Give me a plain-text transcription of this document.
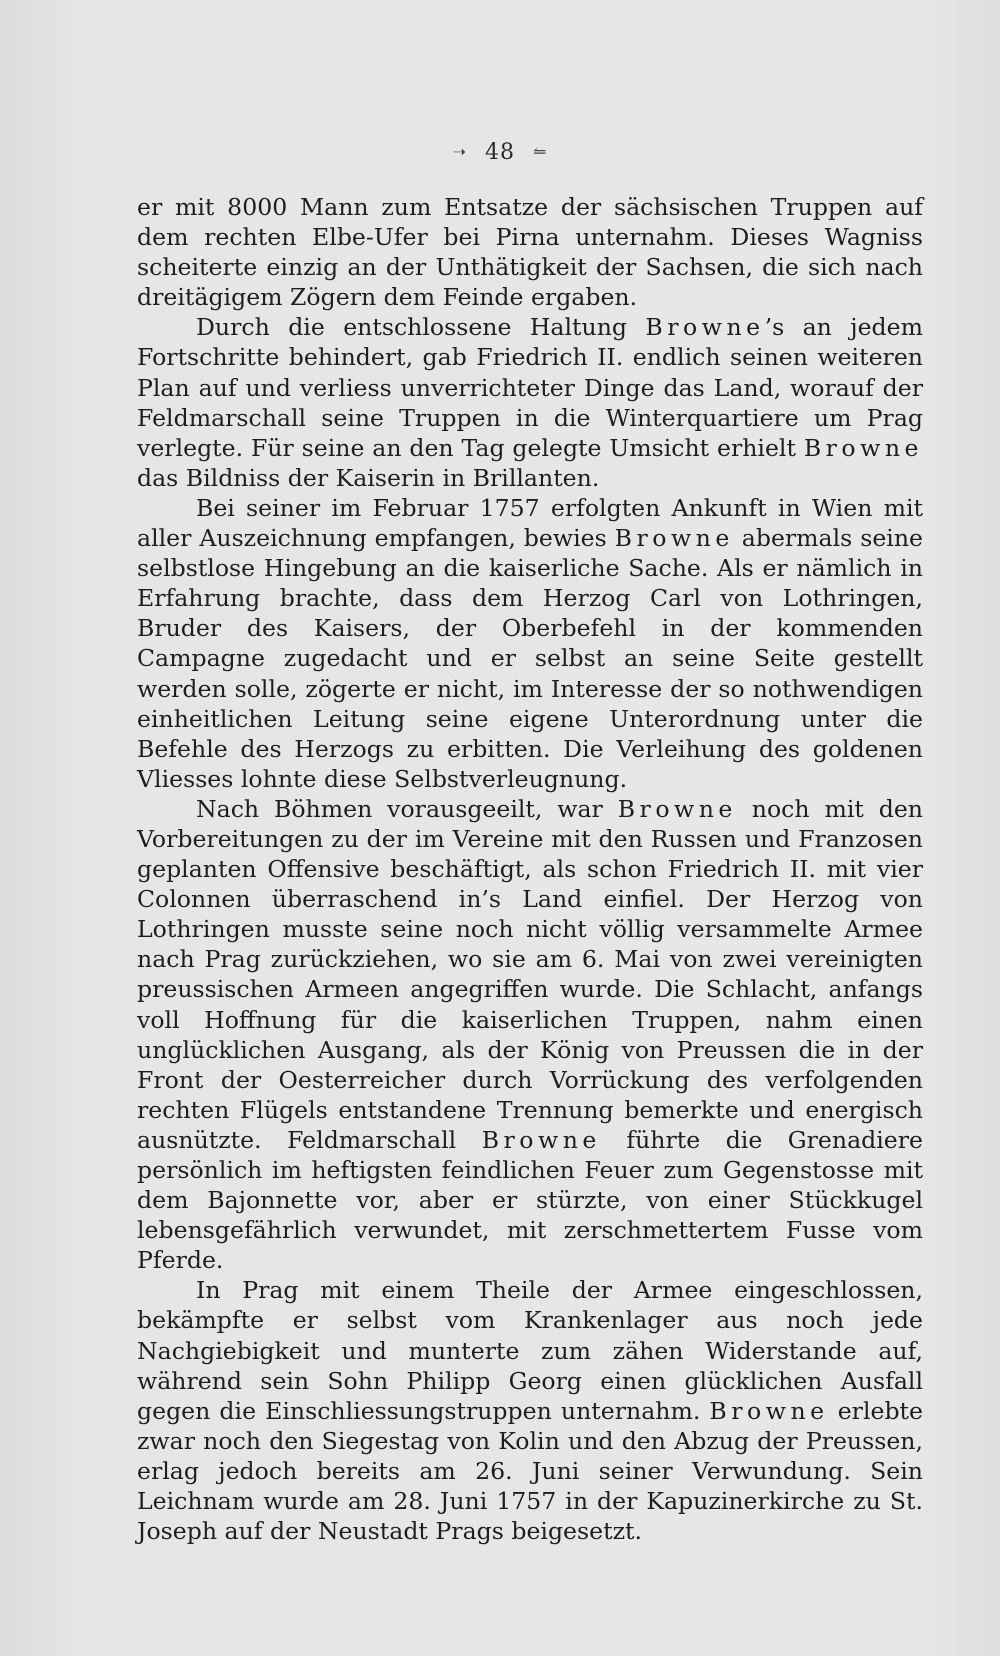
➝ 48 ⥪

er mit 8000 Mann zum Entsatze der sächsischen Truppen auf dem rechten Elbe-Ufer bei Pirna unternahm. Dieses Wagniss scheiterte einzig an der Unthätigkeit der Sachsen, die sich nach dreitägigem Zögern dem Feinde ergaben.

Durch die entschlossene Haltung Browne’s an jedem Fortschritte behindert, gab Friedrich II. endlich seinen weiteren Plan auf und verliess unverrichteter Dinge das Land, worauf der Feldmarschall seine Truppen in die Winterquartiere um Prag verlegte. Für seine an den Tag gelegte Umsicht erhielt Browne das Bildniss der Kaiserin in Brillanten.

Bei seiner im Februar 1757 erfolgten Ankunft in Wien mit aller Auszeichnung empfangen, bewies Browne abermals seine selbstlose Hingebung an die kaiserliche Sache. Als er nämlich in Erfahrung brachte, dass dem Herzog Carl von Lothringen, Bruder des Kaisers, der Oberbefehl in der kommenden Campagne zugedacht und er selbst an seine Seite gestellt werden solle, zögerte er nicht, im Interesse der so nothwendigen einheitlichen Leitung seine eigene Unterordnung unter die Befehle des Herzogs zu erbitten. Die Verleihung des goldenen Vliesses lohnte diese Selbstverleugnung.

Nach Böhmen vorausgeeilt, war Browne noch mit den Vorbereitungen zu der im Vereine mit den Russen und Franzosen geplanten Offensive beschäftigt, als schon Friedrich II. mit vier Colonnen überraschend in’s Land einfiel. Der Herzog von Lothringen musste seine noch nicht völlig versammelte Armee nach Prag zurückziehen, wo sie am 6. Mai von zwei vereinigten preussischen Armeen angegriffen wurde. Die Schlacht, anfangs voll Hoffnung für die kaiserlichen Truppen, nahm einen unglücklichen Ausgang, als der König von Preussen die in der Front der Oesterreicher durch Vorrückung des verfolgenden rechten Flügels entstandene Trennung bemerkte und energisch ausnützte. Feldmarschall Browne führte die Grenadiere persönlich im heftigsten feindlichen Feuer zum Gegenstosse mit dem Bajonnette vor, aber er stürzte, von einer Stückkugel lebensgefährlich verwundet, mit zerschmettertem Fusse vom Pferde.

In Prag mit einem Theile der Armee eingeschlossen, bekämpfte er selbst vom Krankenlager aus noch jede Nachgiebigkeit und munterte zum zähen Widerstande auf, während sein Sohn Philipp Georg einen glücklichen Ausfall gegen die Einschliessungstruppen unternahm. Browne erlebte zwar noch den Siegestag von Kolin und den Abzug der Preussen, erlag jedoch bereits am 26. Juni seiner Verwundung. Sein Leichnam wurde am 28. Juni 1757 in der Kapuzinerkirche zu St. Joseph auf der Neustadt Prags beigesetzt.
